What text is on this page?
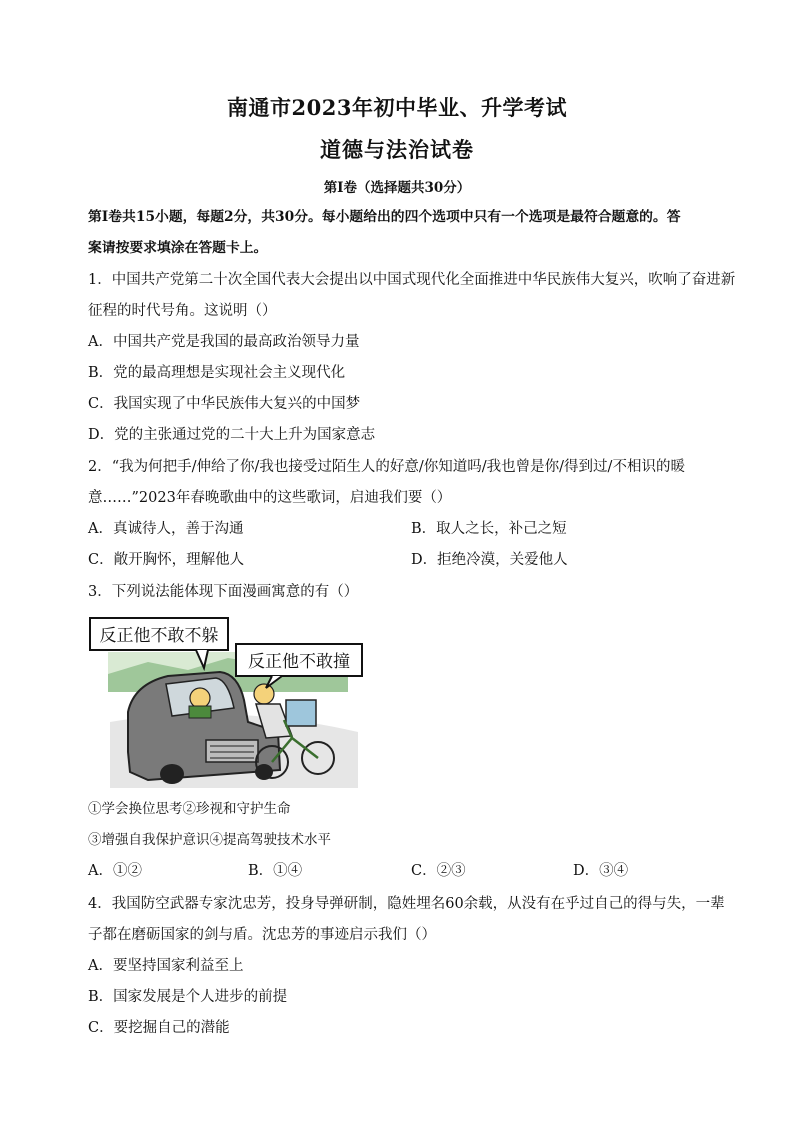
南通市2023年初中毕业、升学考试
道德与法治试卷
第Ⅰ卷（选择题共30分）
第Ⅰ卷共15小题，每题2分，共30分。每小题给出的四个选项中只有一个选项是最符合题意的。答
案请按要求填涂在答题卡上。
1．中国共产党第二十次全国代表大会提出以中国式现代化全面推进中华民族伟大复兴，吹响了奋进新
征程的时代号角。这说明（）
A．中国共产党是我国的最高政治领导力量
B．党的最高理想是实现社会主义现代化
C．我国实现了中华民族伟大复兴的中国梦
D．党的主张通过党的二十大上升为国家意志
2．“我为何把手/伸给了你/我也接受过陌生人的好意/你知道吗/我也曾是你/得到过/不相识的暖
意……”2023年春晚歌曲中的这些歌词，启迪我们要（）
A．真诚待人，善于沟通	B．取人之长，补己之短
C．敞开胸怀，理解他人	D．拒绝冷漠，关爱他人
3．下列说法能体现下面漫画寓意的有（）
反正他不敢不躲
反正他不敢撞
①学会换位思考②珍视和守护生命
③增强自我保护意识④提高驾驶技术水平
A．①②	B．①④	C．②③	D．③④
4．我国防空武器专家沈忠芳，投身导弹研制，隐姓埋名60余载，从没有在乎过自己的得与失，一辈
子都在磨砺国家的剑与盾。沈忠芳的事迹启示我们（）
A．要坚持国家利益至上
B．国家发展是个人进步的前提
C．要挖掘自己的潜能
